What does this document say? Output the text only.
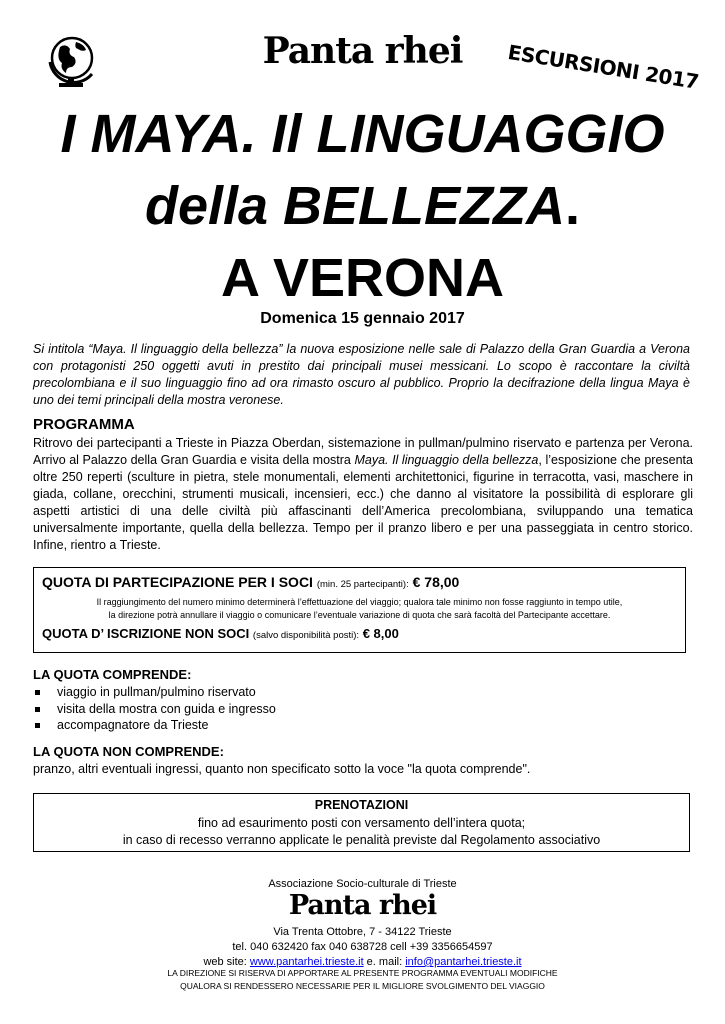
Panta rhei	ESCURSIONI 2017
I MAYA. Il LINGUAGGIO
della BELLEZZA.
A VERONA
Domenica 15 gennaio 2017
Si intitola “Maya. Il linguaggio della bellezza” la nuova esposizione nelle sale di Palazzo della Gran Guardia a Verona con protagonisti 250 oggetti avuti in prestito dai principali musei messicani. Lo scopo è raccontare la civiltà precolombiana e il suo linguaggio fino ad ora rimasto oscuro al pubblico. Proprio la decifrazione della lingua Maya è uno dei temi principali della mostra veronese.
PROGRAMMA
Ritrovo dei partecipanti a Trieste in Piazza Oberdan, sistemazione in pullman/pulmino riservato e partenza per Verona. Arrivo al Palazzo della Gran Guardia e visita della mostra Maya. Il linguaggio della bellezza, l’esposizione che presenta oltre 250 reperti (sculture in pietra, stele monumentali, elementi architettonici, figurine in terracotta, vasi, maschere in giada, collane, orecchini, strumenti musicali, incensieri, ecc.) che danno al visitatore la possibilità di esplorare gli aspetti artistici di una delle civiltà più affascinanti dell’America precolombiana, sviluppando una tematica universalmente importante, quella della bellezza. Tempo per il pranzo libero e per una passeggiata in centro storico. Infine, rientro a Trieste.
QUOTA DI PARTECIPAZIONE PER I SOCI (min. 25 partecipanti): € 78,00
Il raggiungimento del numero minimo determinerà l’effettuazione del viaggio; qualora tale minimo non fosse raggiunto in tempo utile,
la direzione potrà annullare il viaggio o comunicare l’eventuale variazione di quota che sarà facoltà del Partecipante accettare.
QUOTA D’ ISCRIZIONE NON SOCI (salvo disponibilità posti): € 8,00
LA QUOTA COMPRENDE:
viaggio in pullman/pulmino riservato
visita della mostra con guida e ingresso
accompagnatore da Trieste
LA QUOTA NON COMPRENDE:
pranzo, altri eventuali ingressi, quanto non specificato sotto la voce "la quota comprende".
PRENOTAZIONI
fino ad esaurimento posti con versamento dell’intera quota;
in caso di recesso verranno applicate le penalità previste dal Regolamento associativo
Associazione Socio-culturale di Trieste
Panta rhei
Via Trenta Ottobre, 7 - 34122 Trieste
tel. 040 632420 fax 040 638728 cell +39 3356654597
web site: www.pantarhei.trieste.it e. mail: info@pantarhei.trieste.it
LA DIREZIONE SI RISERVA DI APPORTARE AL PRESENTE PROGRAMMA EVENTUALI MODIFICHE
QUALORA SI RENDESSERO NECESSARIE PER IL MIGLIORE SVOLGIMENTO DEL VIAGGIO
